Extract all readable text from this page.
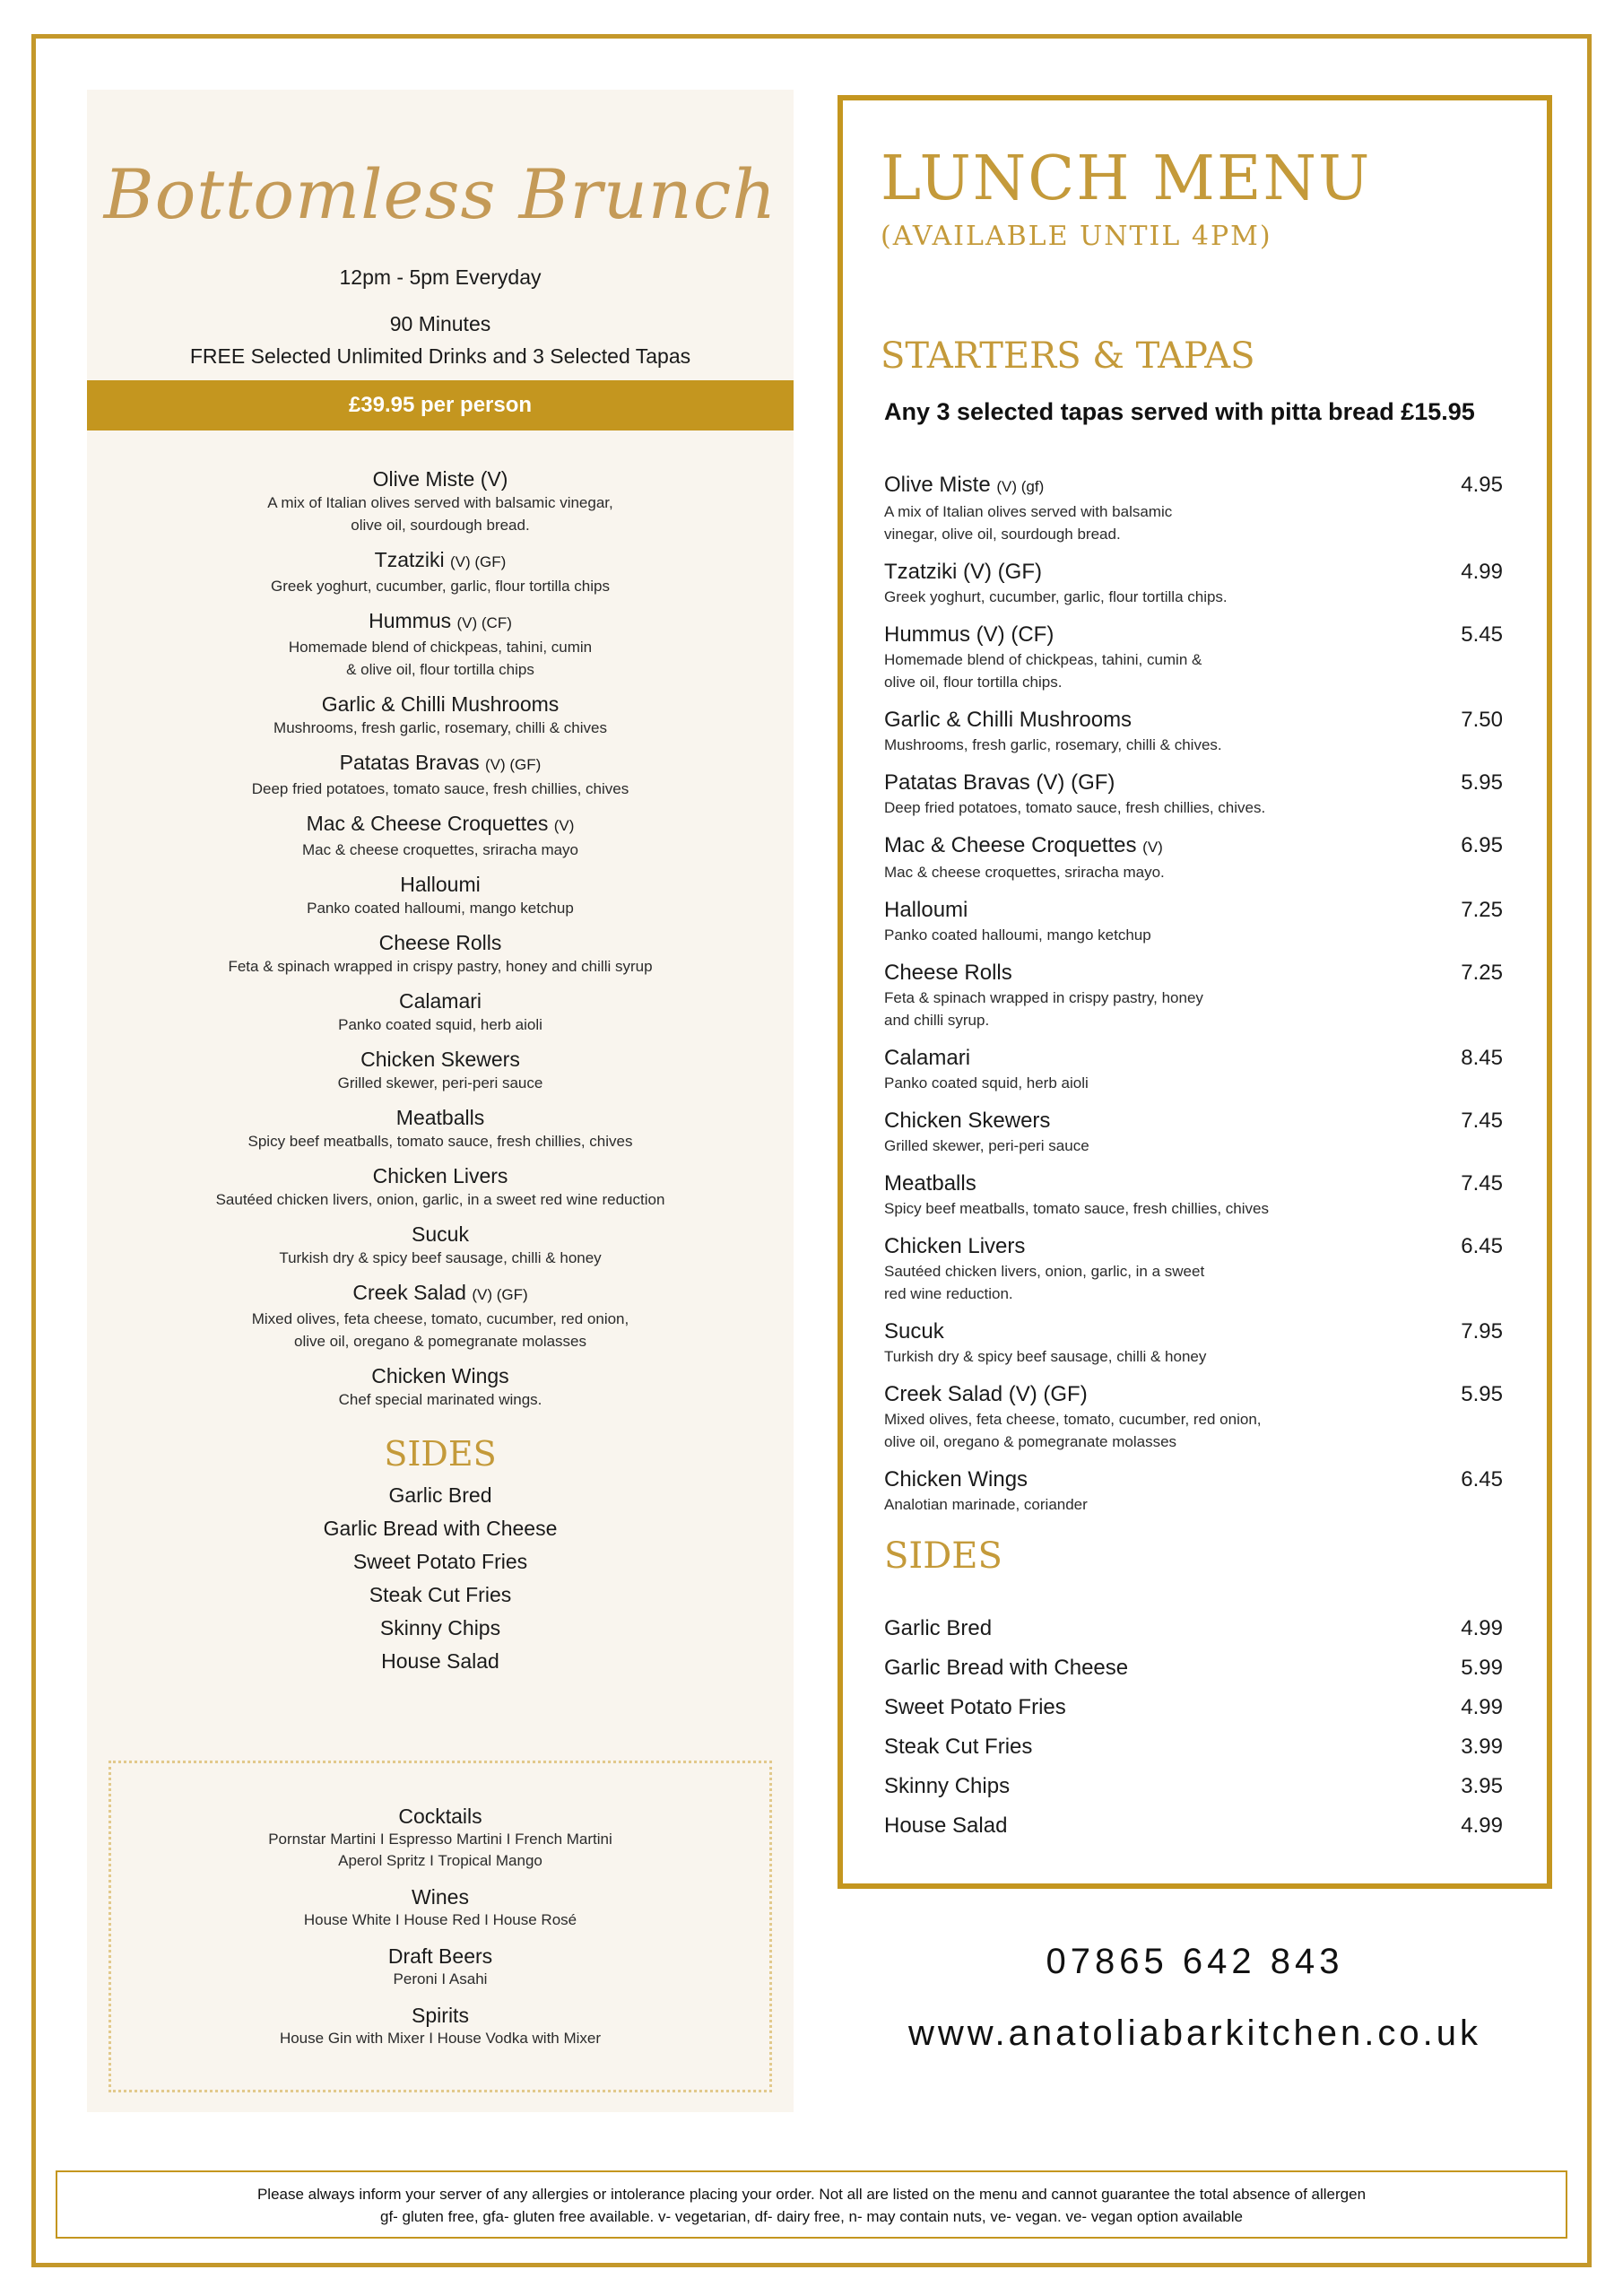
Bottomless Brunch
12pm - 5pm Everyday
90 Minutes
FREE Selected Unlimited Drinks and 3 Selected Tapas
£39.95 per person
Olive Miste (V)
A mix of Italian olives served with balsamic vinegar,
olive oil, sourdough bread.
Tzatziki (V) (GF)
Greek yoghurt, cucumber, garlic, flour tortilla chips
Hummus (V) (CF)
Homemade blend of chickpeas, tahini, cumin
& olive oil, flour tortilla chips
Garlic & Chilli Mushrooms
Mushrooms, fresh garlic, rosemary, chilli & chives
Patatas Bravas (V) (GF)
Deep fried potatoes, tomato sauce, fresh chillies, chives
Mac & Cheese Croquettes (V)
Mac & cheese croquettes, sriracha mayo
Halloumi
Panko coated halloumi, mango ketchup
Cheese Rolls
Feta & spinach wrapped in crispy pastry, honey and chilli syrup
Calamari
Panko coated squid, herb aioli
Chicken Skewers
Grilled skewer, peri-peri sauce
Meatballs
Spicy beef meatballs, tomato sauce, fresh chillies, chives
Chicken Livers
Sautéed chicken livers, onion, garlic, in a sweet red wine reduction
Sucuk
Turkish dry & spicy beef sausage, chilli & honey
Creek Salad (V) (GF)
Mixed olives, feta cheese, tomato, cucumber, red onion,
olive oil, oregano & pomegranate molasses
Chicken Wings
Chef special marinated wings.
SIDES
Garlic Bred
Garlic Bread with Cheese
Sweet Potato Fries
Steak Cut Fries
Skinny Chips
House Salad
Cocktails
Pornstar Martini I Espresso Martini I French Martini
Aperol Spritz I Tropical Mango
Wines
House White I House Red I House Rosé
Draft Beers
Peroni I Asahi
Spirits
House Gin with Mixer I House Vodka with Mixer
LUNCH MENU
(AVAILABLE UNTIL 4PM)
STARTERS & TAPAS
Any 3 selected tapas served with pitta bread £15.95
Olive Miste (V) (gf)	4.95
A mix of Italian olives served with balsamic
vinegar, olive oil, sourdough bread.
Tzatziki (V) (GF)	4.99
Greek yoghurt, cucumber, garlic, flour tortilla chips.
Hummus (V) (CF)	5.45
Homemade blend of chickpeas, tahini, cumin &
olive oil, flour tortilla chips.
Garlic & Chilli Mushrooms	7.50
Mushrooms, fresh garlic, rosemary, chilli & chives.
Patatas Bravas (V) (GF)	5.95
Deep fried potatoes, tomato sauce, fresh chillies, chives.
Mac & Cheese Croquettes (V)	6.95
Mac & cheese croquettes, sriracha mayo.
Halloumi	7.25
Panko coated halloumi, mango ketchup
Cheese Rolls	7.25
Feta & spinach wrapped in crispy pastry, honey
and chilli syrup.
Calamari	8.45
Panko coated squid, herb aioli
Chicken Skewers	7.45
Grilled skewer, peri-peri sauce
Meatballs	7.45
Spicy beef meatballs, tomato sauce, fresh chillies, chives
Chicken Livers	6.45
Sautéed chicken livers, onion, garlic, in a sweet
red wine reduction.
Sucuk	7.95
Turkish dry & spicy beef sausage, chilli & honey
Creek Salad (V) (GF)	5.95
Mixed olives, feta cheese, tomato, cucumber, red onion,
olive oil, oregano & pomegranate molasses
Chicken Wings	6.45
Analotian marinade, coriander
SIDES
Garlic Bred	4.99
Garlic Bread with Cheese	5.99
Sweet Potato Fries	4.99
Steak Cut Fries	3.99
Skinny Chips	3.95
House Salad	4.99
07865 642 843
www.anatoliabarkitchen.co.uk
Please always inform your server of any allergies or intolerance placing your order. Not all are listed on the menu and cannot guarantee the total absence of allergen
gf- gluten free, gfa- gluten free available. v- vegetarian, df- dairy free, n- may contain nuts, ve- vegan. ve- vegan option available
